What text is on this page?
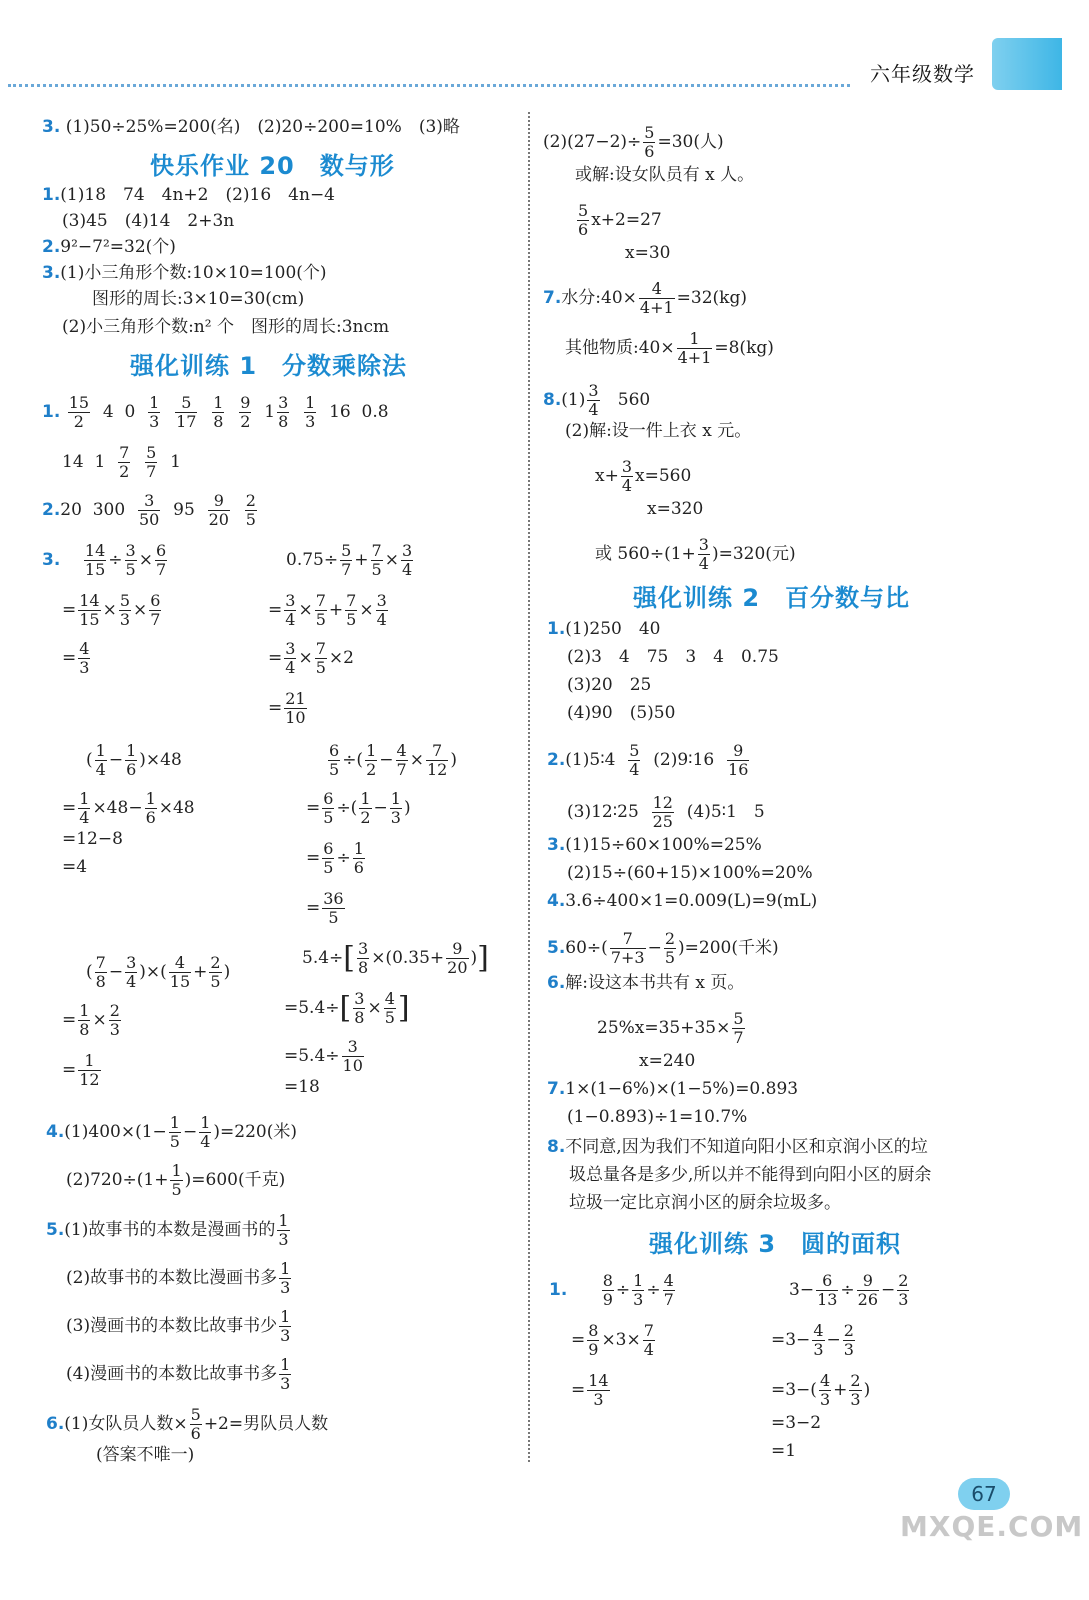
六年级数学
3. (1)50÷25%=200(名)　(2)20÷200=10%　(3)略
快乐作业 20　数与形
1.(1)18　74　4n+2　(2)16　4n−4
(3)45　(4)14　2+3n
2.9²−7²=32(个)
3.(1)小三角形个数:10×10=100(个)
图形的周长:3×10=30(cm)
(2)小三角形个数:n² 个　图形的周长:3ncm
强化训练 1　分数乘除法
1. $\frac{15}{2} 4$  $0 \frac{1}{3}$
$\frac{5}{17}$
$\frac{1}{8}$
$\frac{9}{2} 1 \frac{3}{8}$
$\frac{1}{3} 16$  0.8
14  $1 \frac{7}{2}$
$\frac{5}{7} 1$
2.20  $300 \frac{3}{50} 95 \frac{9}{20}$
$\frac{2}{5}$
3. $\frac{14}{15} \div \frac{3}{5} \times \frac{6}{7}$
= $\frac{14}{15} \times \frac{5}{3} \times \frac{6}{7}$
= $\frac{4}{3}$
$0.75\div \frac{5}{7} + \frac{7}{5} \times \frac{3}{4}$
= $\frac{3}{4} \times \frac{7}{5} + \frac{7}{5} \times \frac{3}{4}$
= $\frac{3}{4} \times \frac{7}{5} \times 2$
= $\frac{21}{10}$
( $\frac{1}{4} - \frac{1}{6} )\times 48$
= $\frac{1}{4} \times 48- \frac{1}{6} \times 48$
=12−8
=4
$\frac{6}{5}$ ÷( $\frac{1}{2} - \frac{4}{7} \times \frac{7}{12}$ )
= $\frac{6}{5}$ ÷( $\frac{1}{2} - \frac{1}{3}$ )
= $\frac{6}{5} \div \frac{1}{6}$
= $\frac{36}{5}$
( $\frac{7}{8} - \frac{3}{4}$ )×( $\frac{4}{15} + \frac{2}{5}$ )
= $\frac{1}{8} \times \frac{2}{3}$
= $\frac{1}{12}$
$5.4\div[ \frac{3}{8} \times(0.35+ \frac{9}{20}$ )]
$=5.4\div[ \frac{3}{8} \times \frac{4}{5}$ ]
$=5.4\div \frac{3}{10}$
=18
$4.(1)400\times(1- \frac{1}{5} - \frac{1}{4} )=220$(米)
$(2)720\div(1+ \frac{1}{5} )=600$(千克)
5.(1)故事书的本数是漫画书的 $\frac{1}{3}$
(2)故事书的本数比漫画书多 $\frac{1}{3}$
(3)漫画书的本数比故事书少 $\frac{1}{3}$
(4)漫画书的本数比故事书多 $\frac{1}{3}$
6.(1)女队员人数× $\frac{5}{6} +2=$男队员人数
(答案不唯一)
$(2)(27-2)\div \frac{5}{6} =30$(人)
或解:设女队员有 x 人。
$\frac{5}{6} x+2=27$
x=30
7.水分:40× $\frac{4}{4+1} =32(kg)$
其他物质:40× $\frac{1}{4+1} =8(kg)$
$8.(1) \frac{3}{4} 560$
(2)解:设一件上衣 x 元。
$x+ \frac{3}{4} x=560$
x=320
或 $560\div(1+ \frac{3}{4} )=320$(元)
强化训练 2　百分数与比
1.(1)250　40
(2)3　4　75　3　4　0.75
(3)20　25
(4)90　(5)50
2.(1)5∶4 $\frac{5}{4}$ (2)9∶16 $\frac{9}{16}$
(3)12∶25 $\frac{12}{25}$ (4)5∶1　5
3.(1)15÷60×100%=25%
(2)15÷(60+15)×100%=20%
4.3.6÷400×1=0.009(L)=9(mL)
$5.60\div( \frac{7}{7+3} - \frac{2}{5} )=200$(千米)
6.解:设这本书共有 x 页。
$25\%x=35+35\times \frac{5}{7}$
x=240
7.1×(1−6%)×(1−5%)=0.893
(1−0.893)÷1=10.7%
8.不同意,因为我们不知道向阳小区和京润小区的垃
圾总量各是多少,所以并不能得到向阳小区的厨余
垃圾一定比京润小区的厨余垃圾多。
强化训练 3　圆的面积
1. $\frac{8}{9} \div \frac{1}{3} \div \frac{4}{7}$
= $\frac{8}{9} \times 3\times \frac{7}{4}$
= $\frac{14}{3}$
$3- \frac{6}{13} \div \frac{9}{26} - \frac{2}{3}$
$=3- \frac{4}{3} - \frac{2}{3}$
$=3-( \frac{4}{3} + \frac{2}{3}$ )
=3−2
=1
67
MXQE.COM
